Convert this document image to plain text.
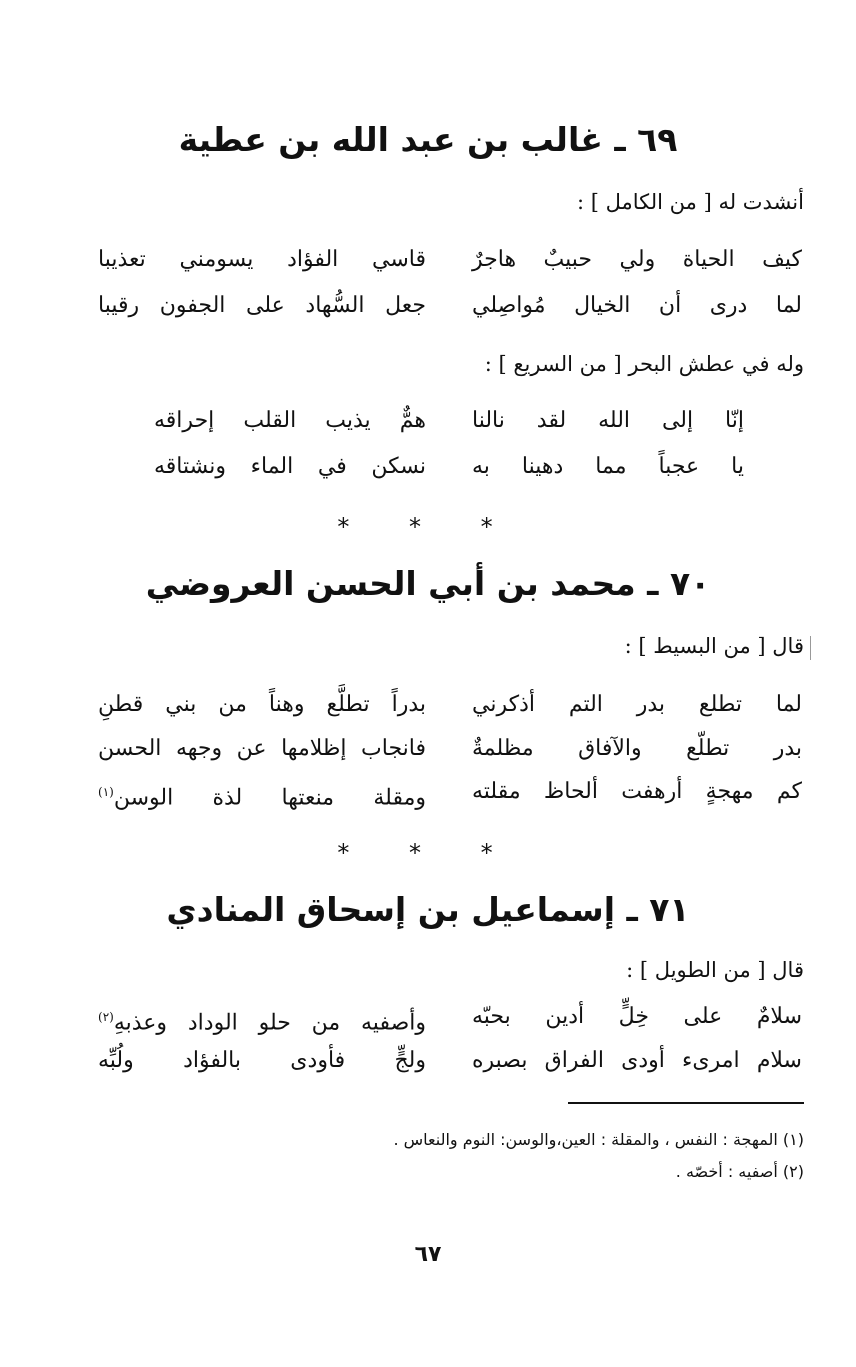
٦٩ ـ غالب بن عبد الله بن عطية
أنشدت له [ من الكامل ] :
كيف الحياة ولي حبيبٌ هاجرٌ
قاسي الفؤاد يسومني تعذيبا
لما درى أن الخيال مُواصِلي
جعل السُّهاد على الجفون رقيبا
وله في عطش البحر [ من السريع ] :
إنّا إلى الله لقد نالنا
همٌّ يذيب القلب إحراقه
يا عجباً مما دهينا به
نسكن في الماء ونشتاقه
* * *
٧٠ ـ محمد بن أبي الحسن العروضي
قال [ من البسيط ] :
لما تطلع بدر التم أذكرني
بدراً تطلَّع وهناً من بني قطنِ
بدر تطلّع والآفاق مظلمةٌ
فانجاب إظلامها عن وجهه الحسن
كم مهجةٍ أرهفت ألحاظ مقلته
ومقلة منعتها لذة الوسن$^{(١)}$
* * *
٧١ ـ إسماعيل بن إسحاق المنادي
قال [ من الطويل ] :
سلامٌ على خِلٍّ أدين بحبّه
وأصفيه من حلو الوداد وعذبهِ$^{(٢)}$
سلام امرىء أودى الفراق بصبره
ولجٍّ فأودى بالفؤاد ولُبِّه
(١) المهجة : النفس ، والمقلة : العين،والوسن: النوم والنعاس .
(٢) أصفيه : أخصّه .
٦٧
